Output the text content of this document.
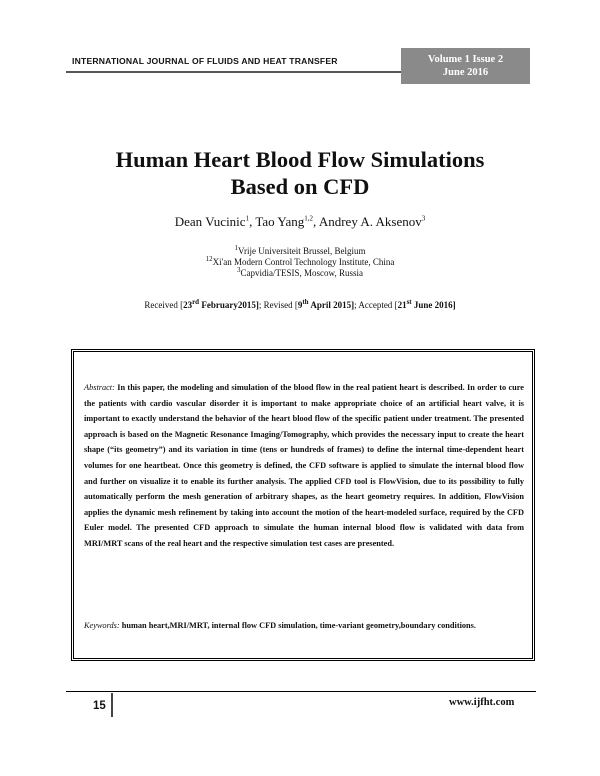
INTERNATIONAL JOURNAL OF FLUIDS AND HEAT TRANSFER	Volume 1 Issue 2
June 2016
Human Heart Blood Flow Simulations
Based on CFD
Dean Vucinic$^1$, Tao Yang$^{1,2}$, Andrey A. Aksenov$^3$
$^1$Vrije Universiteit Brussel, Belgium
$^{12}$Xi'an Modern Control Technology Institute, China
$^3$Capvidia/TESIS, Moscow, Russia
Received [23rd February2015]; Revised [9th April 2015]; Accepted [21st June 2016]
Abstract: In this paper, the modeling and simulation of the blood flow in the real patient heart is described. In order to cure the patients with cardio vascular disorder it is important to make appropriate choice of an artificial heart valve, it is important to exactly understand the behavior of the heart blood flow of the specific patient under treatment. The presented approach is based on the Magnetic Resonance Imaging/Tomography, which provides the necessary input to create the heart shape (“its geometry”) and its variation in time (tens or hundreds of frames) to define the internal time-dependent heart volumes for one heartbeat. Once this geometry is defined, the CFD software is applied to simulate the internal blood flow and further on visualize it to enable its further analysis. The applied CFD tool is FlowVision, due to its possibility to fully automatically perform the mesh generation of arbitrary shapes, as the heart geometry requires. In addition, FlowVision applies the dynamic mesh refinement by taking into account the motion of the heart-modeled surface, required by the CFD Euler model. The presented CFD approach to simulate the human internal blood flow is validated with data from MRI/MRT scans of the real heart and the respective simulation test cases are presented.
Keywords: human heart,MRI/MRT, internal flow CFD simulation, time-variant geometry,boundary conditions.
15	www.ijfht.com
